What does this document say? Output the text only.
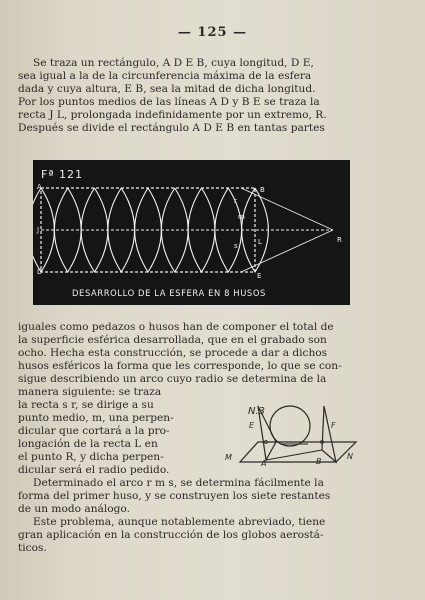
— 125 —
Se traza un rectángulo, A D E B, cuya longitud, D E,
sea igual a la de la circunferencia máxima de la esfera
dada y cuya altura, E B, sea la mitad de dicha longitud.
Por los puntos medios de las líneas A D y B E se traza la
recta J L, prolongada indefinidamente por un extremo, R.
Después se divide el rectángulo A D E B en tantas partes
Fª 121
A	B
J
L	R
D	E
m
r
s
DESARROLLO DE LA ESFERA EN 8 HUSOS
iguales como pedazos o husos han de componer el total de
la superficie esférica desarrollada, que en el grabado son
ocho. Hecha esta construcción, se procede a dar a dichos
husos esféricos la forma que les corresponde, lo que se con-
sigue describiendo un arco cuyo radio se determina de la
manera siguiente: se traza
la recta s r, se dirige a su
punto medio, m, una perpen-
dicular que cortará a la pro-
longación de la recta L en
el punto R, y dicha perpen-
dicular será el radio pedido.
Determinado el arco r m s, se determina fácilmente la
forma del primer huso, y se construyen los siete restantes
de un modo análogo.
Este problema, aunque notablemente abreviado, tiene
gran aplicación en la construcción de los globos aerostá-
ticos.
N.3
E	F
M	N
A	B
